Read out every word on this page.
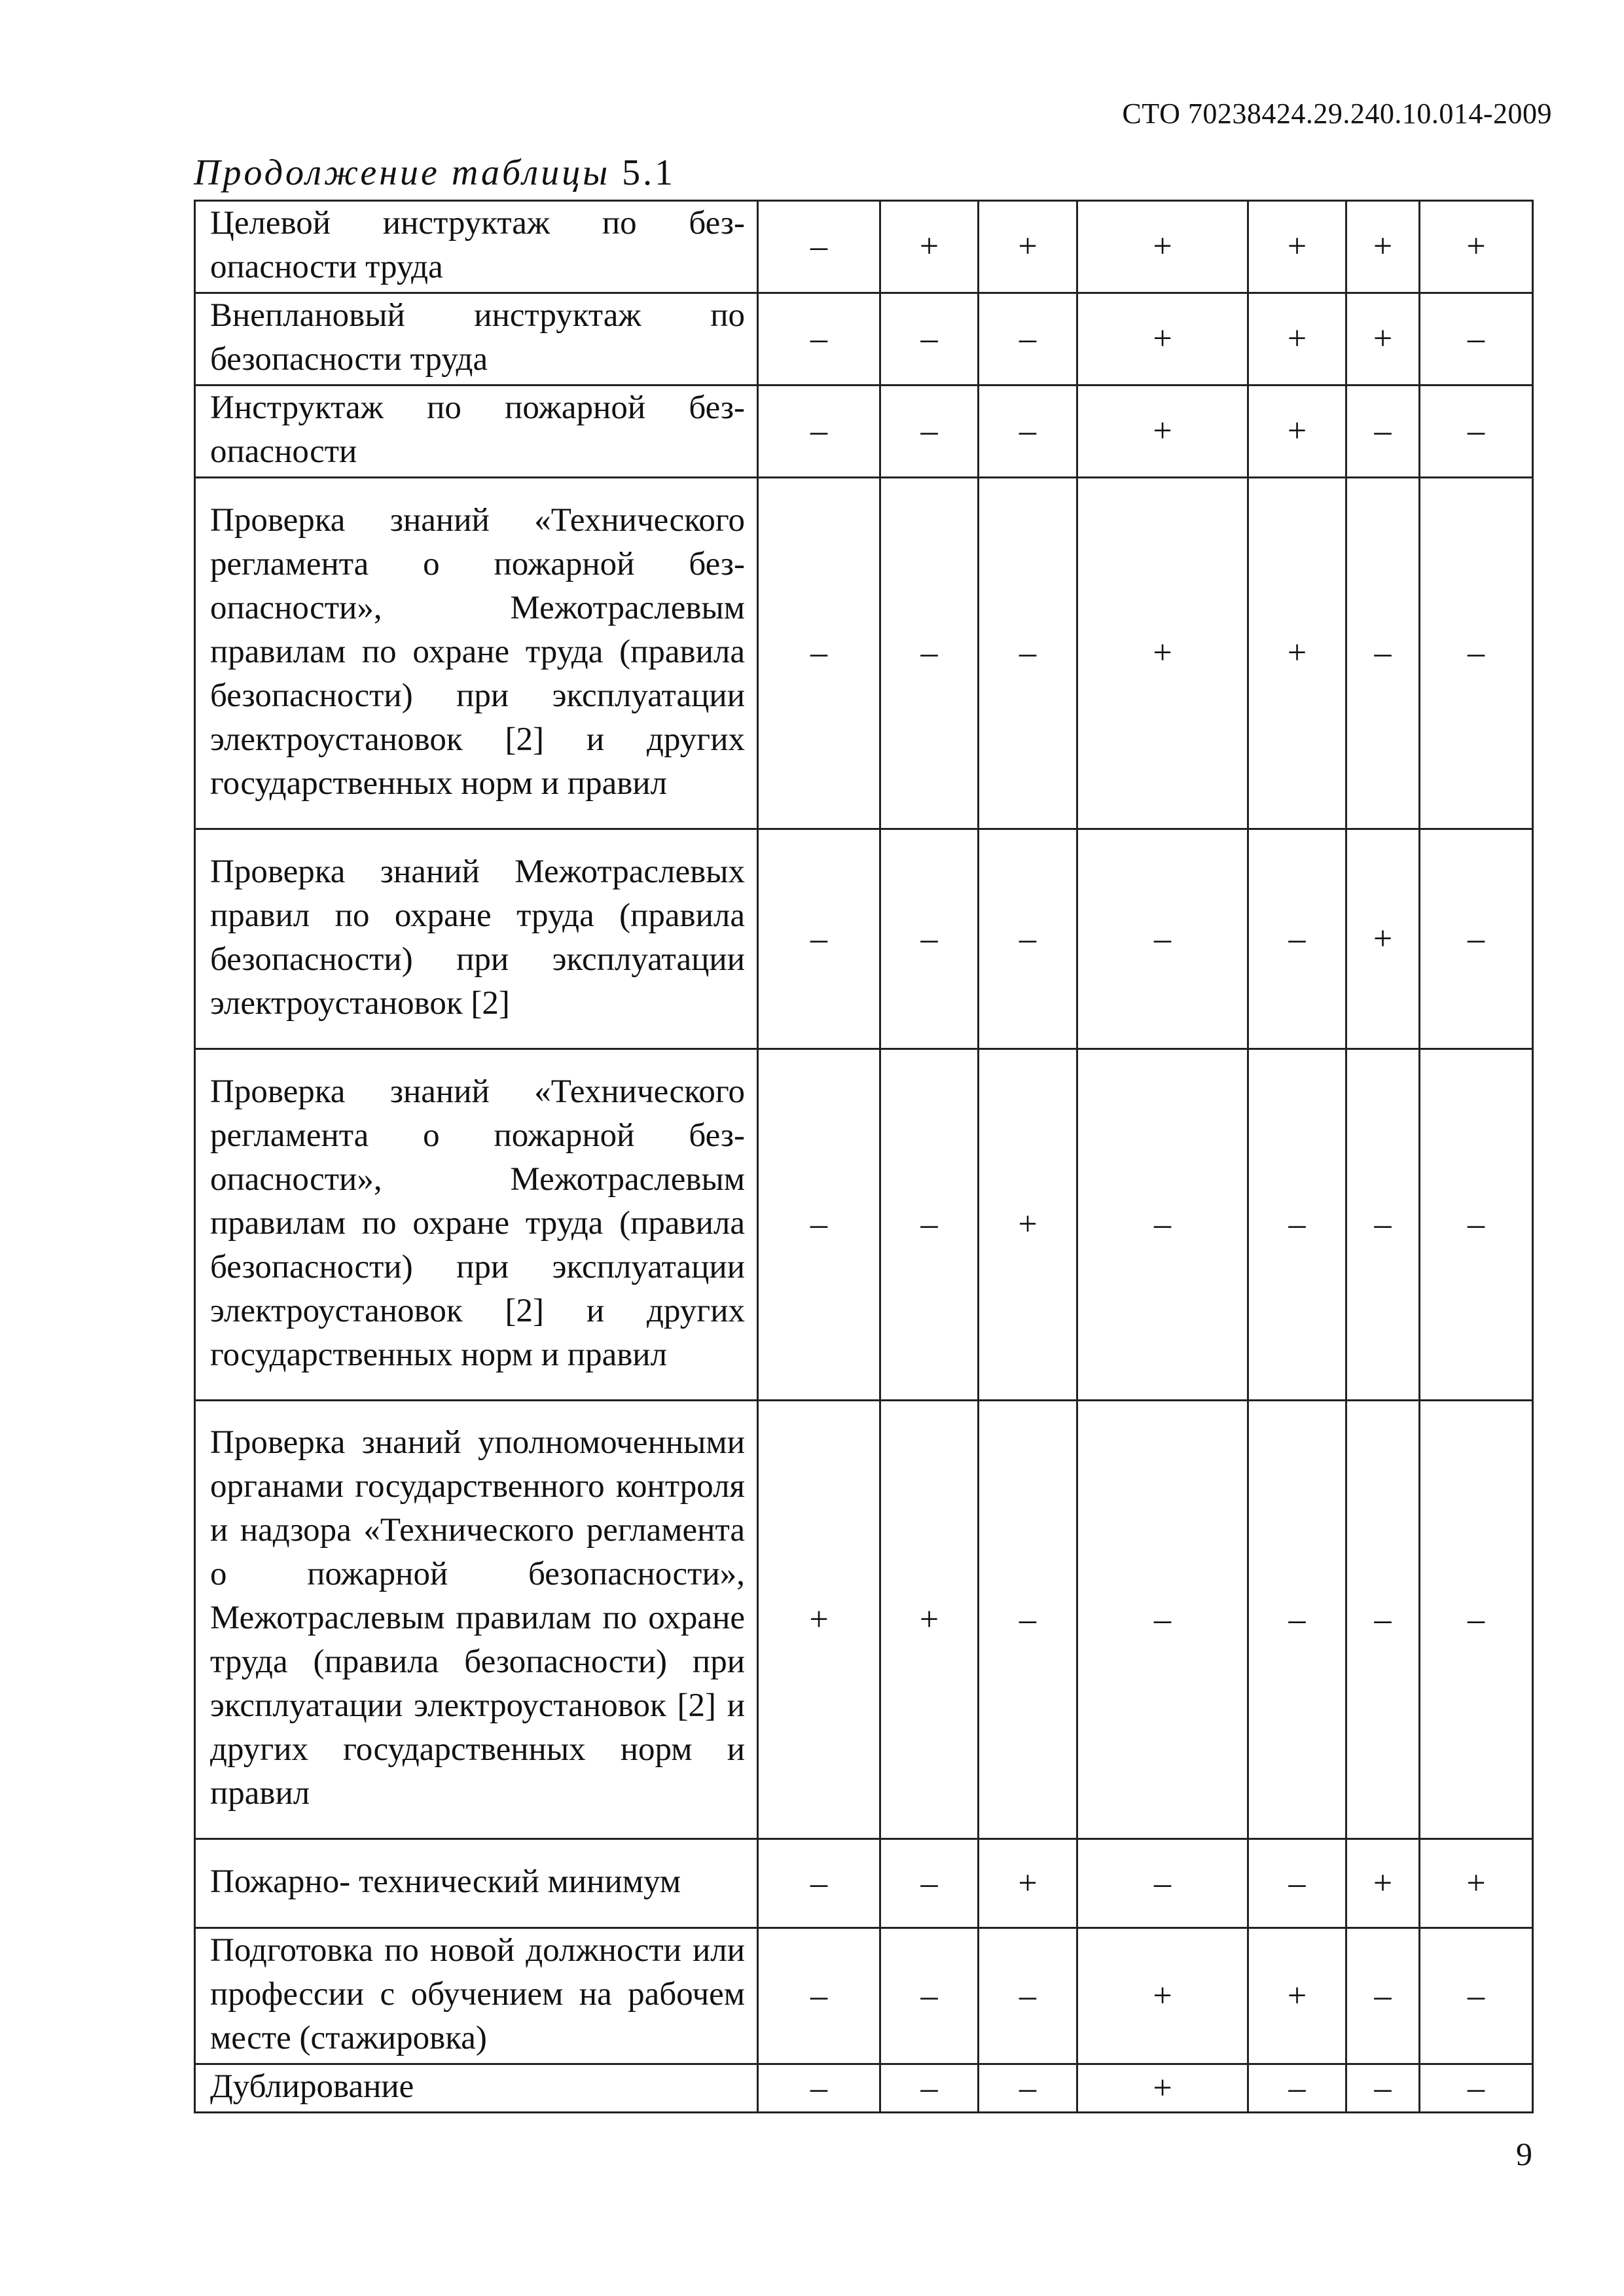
СТО 70238424.29.240.10.014-2009
Продолжение таблицы 5.1
Целевой инструктаж по безопасности труда	–	+	+	+	+	+	+
Внеплановый инструктаж по безопасности труда	–	–	–	+	+	+	–
Инструктаж по пожарной безопасности	–	–	–	+	+	–	–
Проверка знаний «Технического регламента о пожарной безопасности», Межотраслевым правилам по охране труда (правила безопасности) при эксплуатации электроустановок [2] и других государственных норм и правил	–	–	–	+	+	–	–
Проверка знаний Межотраслевых правил по охране труда (правила безопасности) при эксплуатации электроустановок [2]	–	–	–	–	–	+	–
Проверка знаний «Технического регламента о пожарной безопасности», Межотраслевым правилам по охране труда (правила безопасности) при эксплуатации электроустановок [2] и других государственных норм и правил	–	–	+	–	–	–	–
Проверка знаний уполномоченными органами государственного контроля и надзора «Технического регламента о пожарной безопасности», Межотраслевым правилам по охране труда (правила безопасности) при эксплуатации электроустановок [2] и других государственных норм и правил	+	+	–	–	–	–	–
Пожарно- технический минимум	–	–	+	–	–	+	+
Подготовка по новой должности или профессии с обучением на рабочем месте (стажировка)	–	–	–	+	+	–	–
Дублирование	–	–	–	+	–	–	–
9
